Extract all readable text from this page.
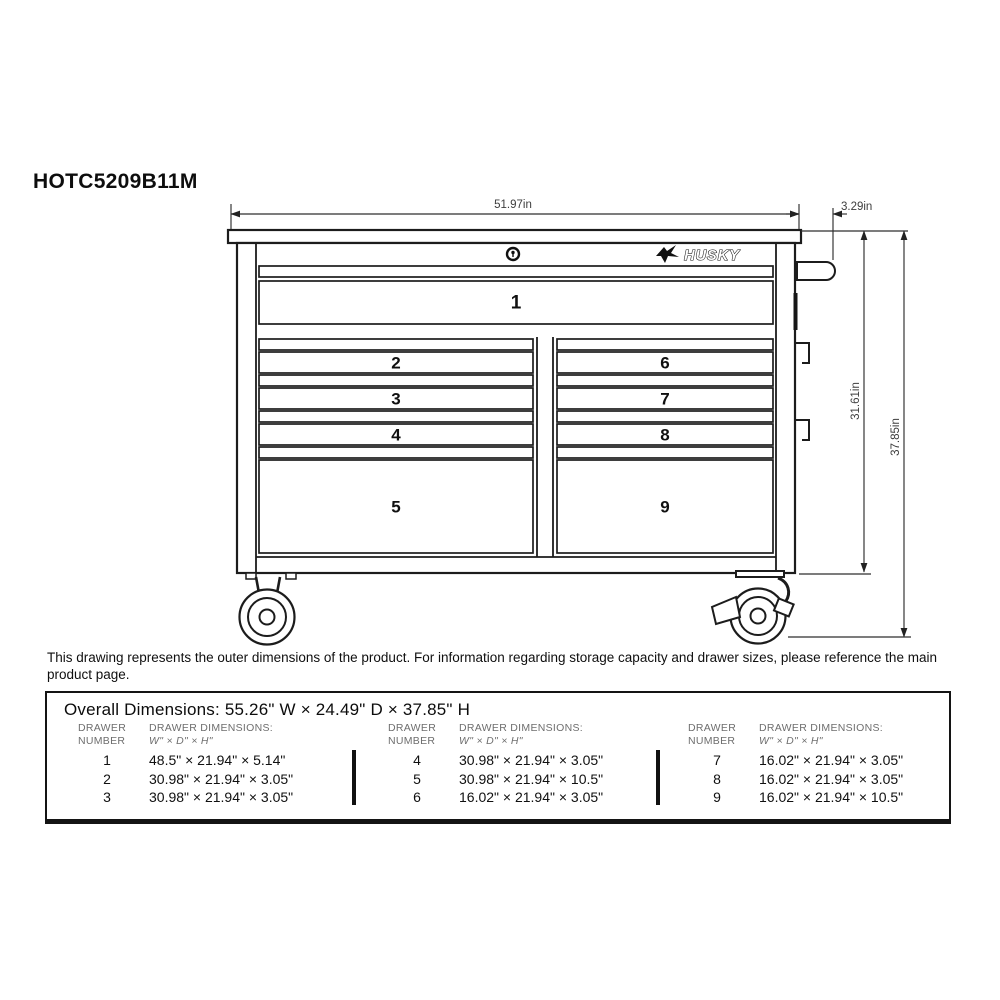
HOTC5209B11M
HUSKY
1
2
3
4
5
6
7
8
9
51.97in	3.29in
31.61in
37.85in
This drawing represents the outer dimensions of the product. For information regarding storage capacity and drawer sizes, please reference the main product page.
Overall Dimensions: 55.26" W × 24.49" D × 37.85" H
DRAWER
NUMBER
DRAWER DIMENSIONS:
W" × D" × H"
1	48.5" × 21.94" × 5.14"
2	30.98" × 21.94" × 3.05"
3	30.98" × 21.94" × 3.05"
DRAWER
NUMBER
DRAWER DIMENSIONS:
W" × D" × H"
4	30.98" × 21.94" × 3.05"
5	30.98" × 21.94" × 10.5"
6	16.02" × 21.94" × 3.05"
DRAWER
NUMBER
DRAWER DIMENSIONS:
W" × D" × H"
7	16.02" × 21.94" × 3.05"
8	16.02" × 21.94" × 3.05"
9	16.02" × 21.94" × 10.5"
